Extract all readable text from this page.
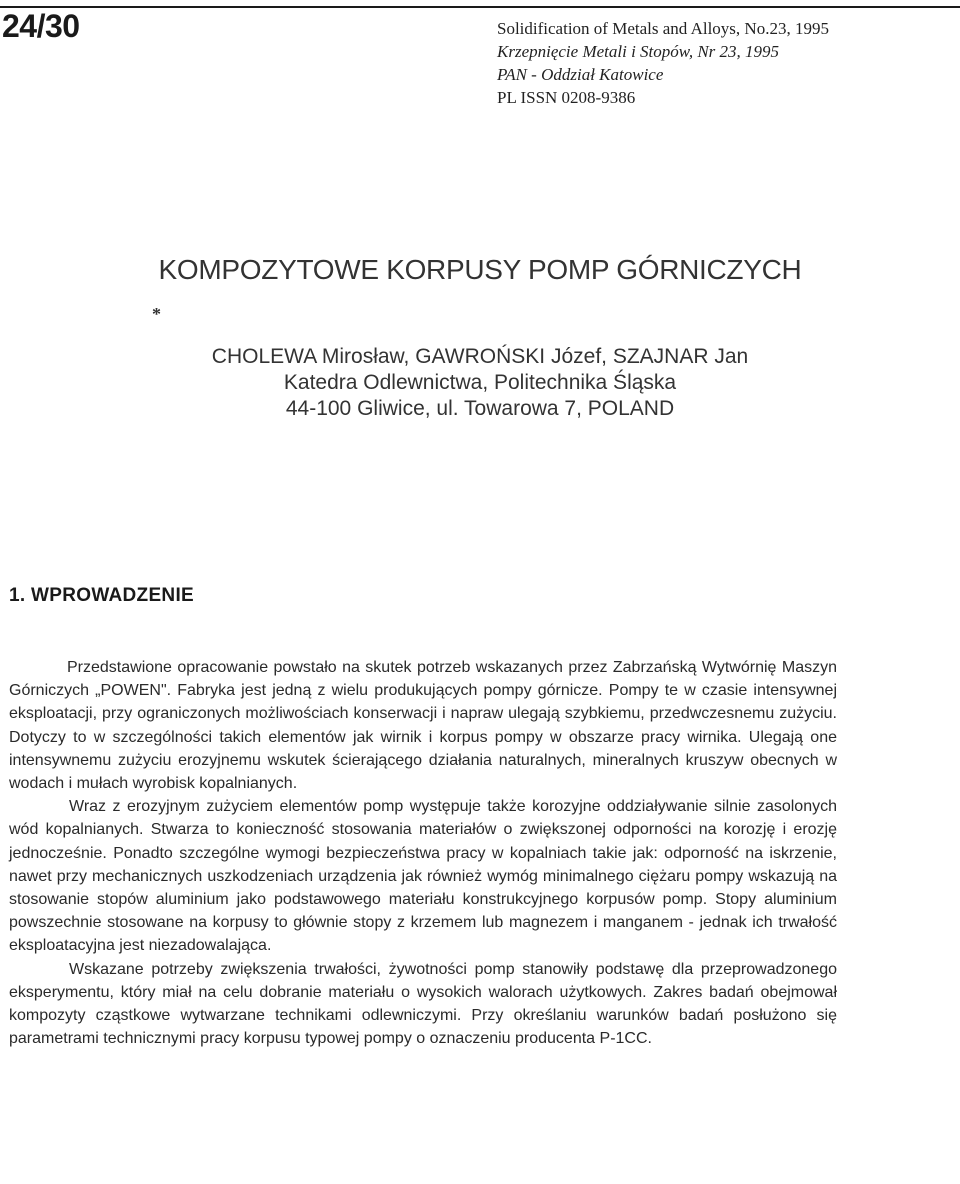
24/30	Solidification of Metals and Alloys, No.23, 1995
Krzepnięcie Metali i Stopów, Nr 23, 1995
PAN - Oddział Katowice
PL ISSN 0208-9386
KOMPOZYTOWE KORPUSY POMP GÓRNICZYCH
*
CHOLEWA Mirosław, GAWROŃSKI Józef, SZAJNAR Jan
Katedra Odlewnictwa, Politechnika Śląska
44-100 Gliwice, ul. Towarowa 7, POLAND
1. WPROWADZENIE

Przedstawione opracowanie powstało na skutek potrzeb wskazanych przez Zabrzańską Wytwórnię Maszyn Górniczych „POWEN". Fabryka jest jedną z wielu produkujących pompy górnicze. Pompy te w czasie intensywnej eksploatacji, przy ograniczonych możliwościach konserwacji i napraw ulegają szybkiemu, przedwczesnemu zużyciu. Dotyczy to w szczególności takich elementów jak wirnik i korpus pompy w obszarze pracy wirnika. Ulegają one intensywnemu zużyciu erozyjnemu wskutek ścierającego działania naturalnych, mineralnych kruszyw obecnych w wodach i mułach wyrobisk kopalnianych.

Wraz z erozyjnym zużyciem elementów pomp występuje także korozyjne oddziaływanie silnie zasolonych wód kopalnianych. Stwarza to konieczność stosowania materiałów o zwiększonej odporności na korozję i erozję jednocześnie. Ponadto szczególne wymogi bezpieczeństwa pracy w kopalniach takie jak: odporność na iskrzenie, nawet przy mechanicznych uszkodzeniach urządzenia jak również wymóg minimalnego ciężaru pompy wskazują na stosowanie stopów aluminium jako podstawowego materiału konstrukcyjnego korpusów pomp. Stopy aluminium powszechnie stosowane na korpusy to głównie stopy z krzemem lub magnezem i manganem - jednak ich trwałość eksploatacyjna jest niezadowalająca.

Wskazane potrzeby zwiększenia trwałości, żywotności pomp stanowiły podstawę dla przeprowadzonego eksperymentu, który miał na celu dobranie materiału o wysokich walorach użytkowych. Zakres badań obejmował kompozyty cząstkowe wytwarzane technikami odlewniczymi. Przy określaniu warunków badań posłużono się parametrami technicznymi pracy korpusu typowej pompy o oznaczeniu producenta P-1CC.
